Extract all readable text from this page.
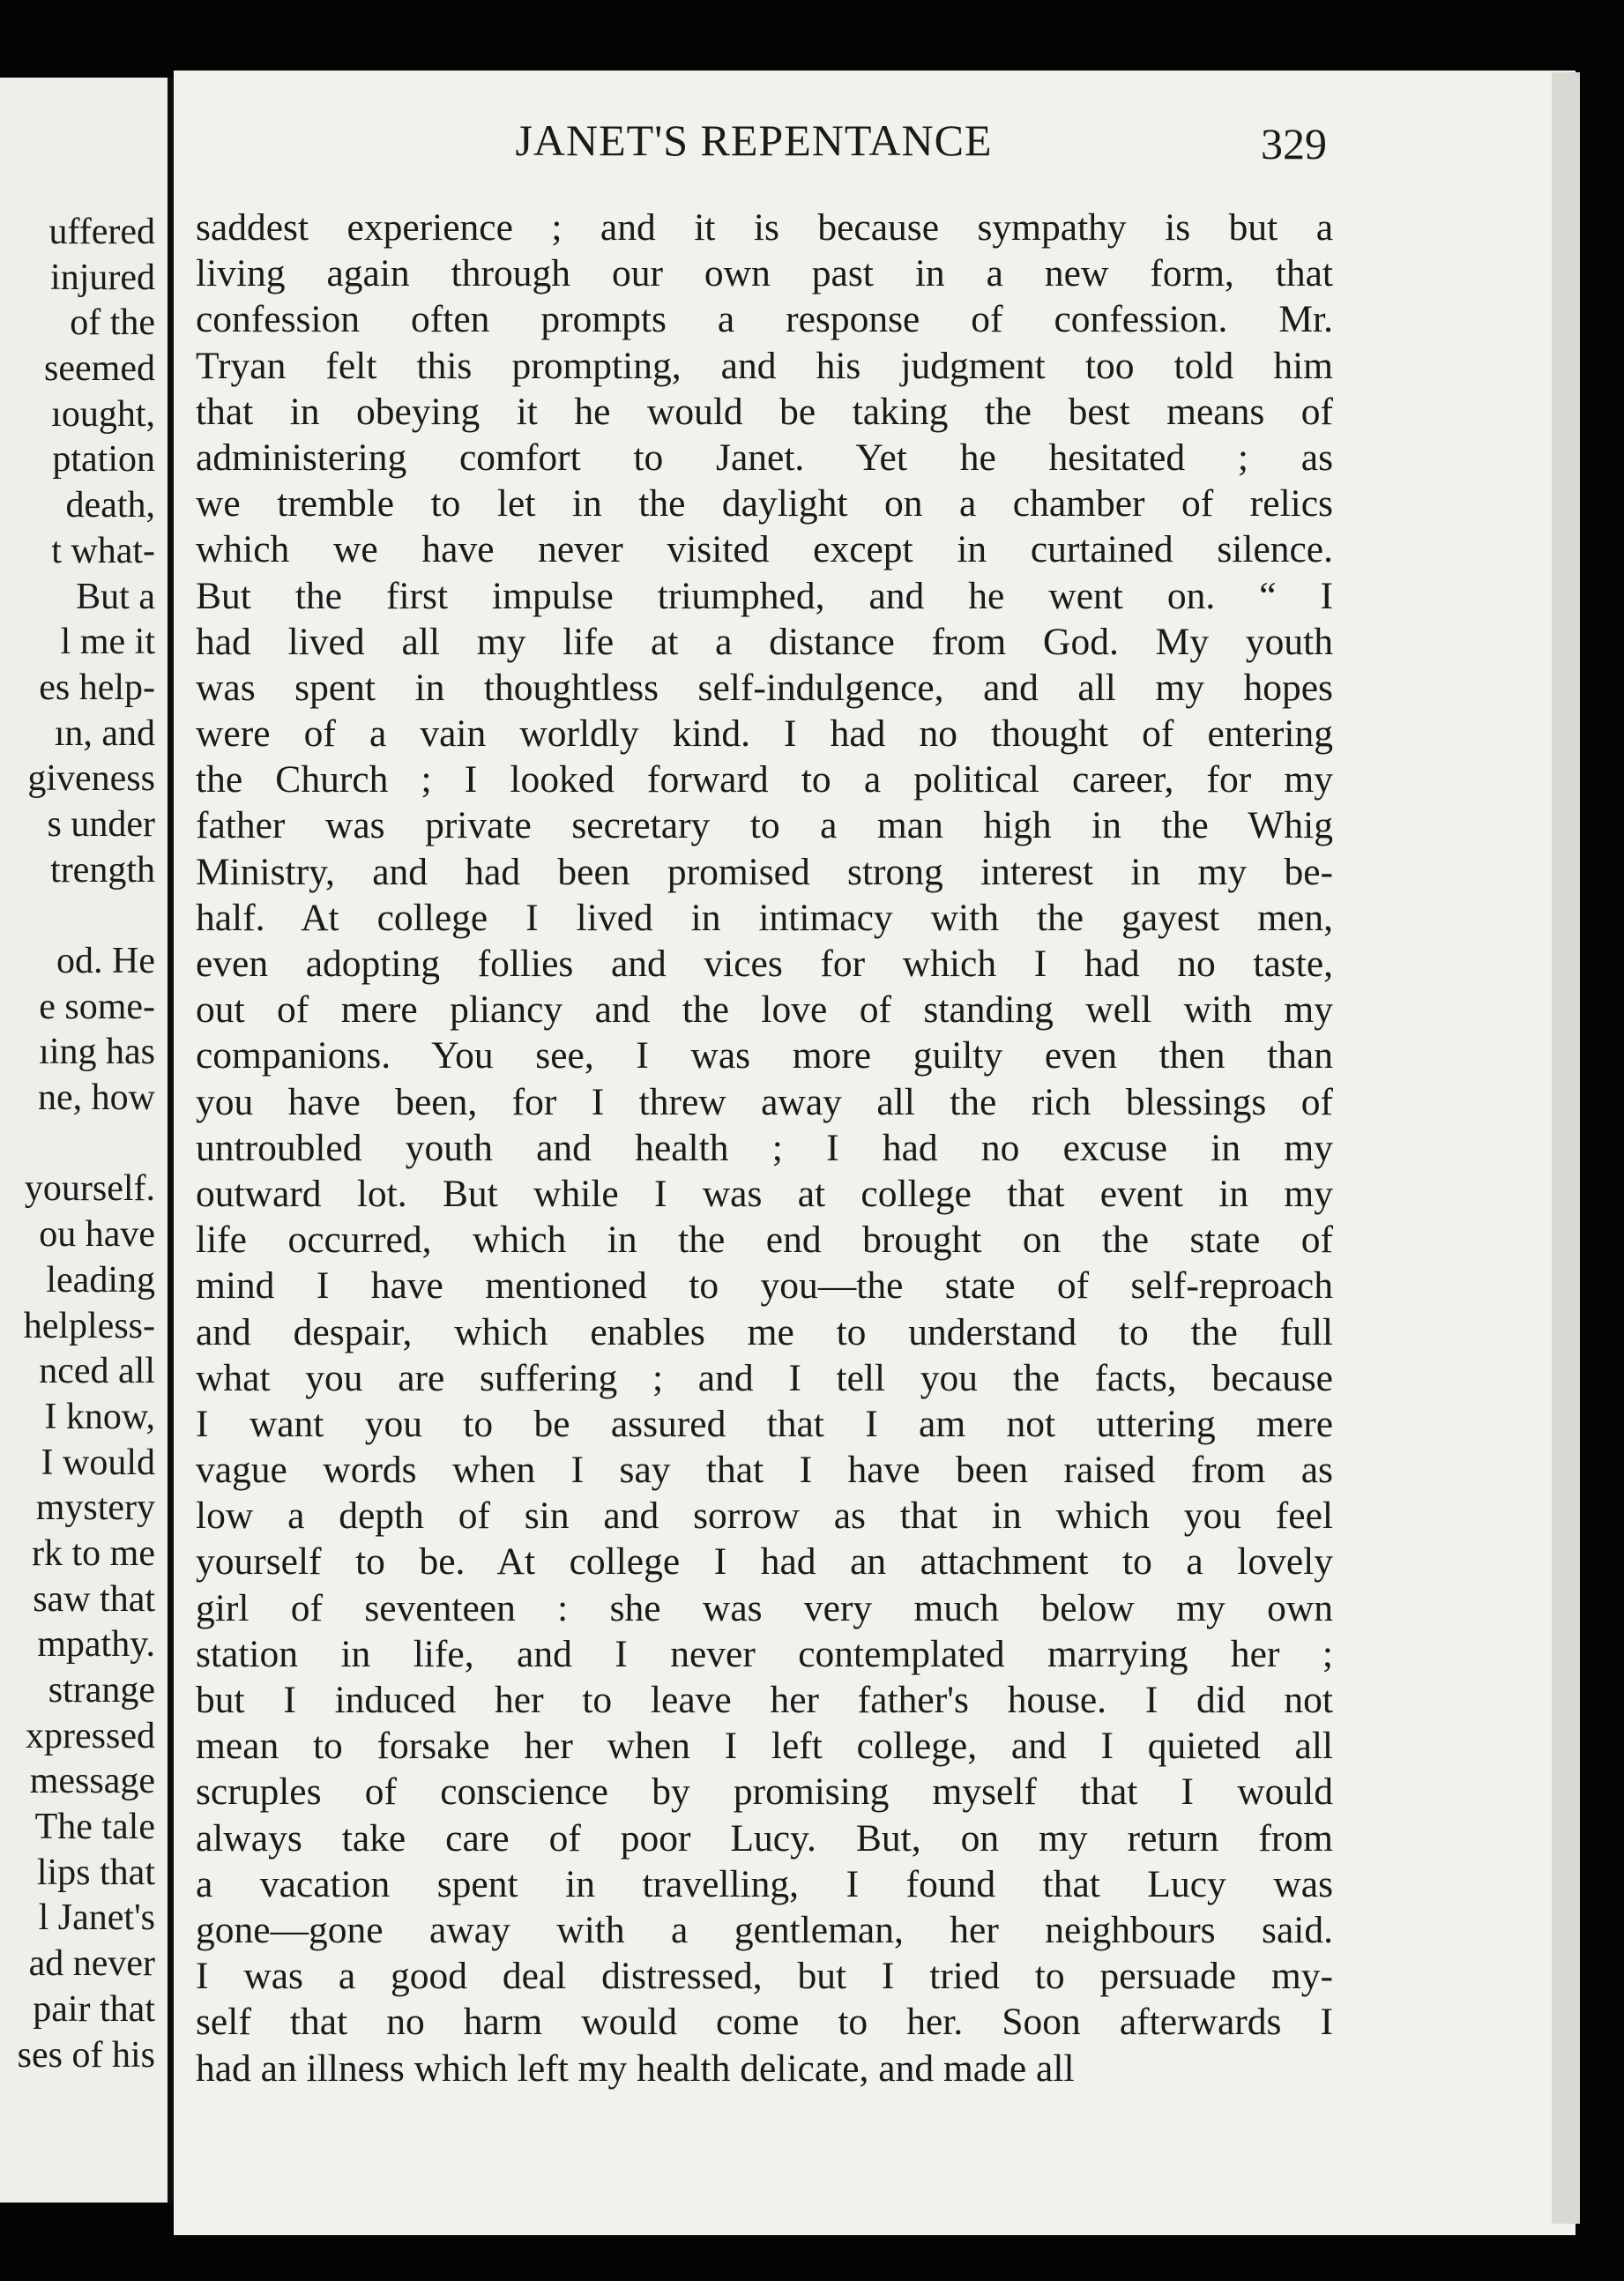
uffered
injured
of the
seemed
ıought,
ptation
death,
t what-
But a
l me it
es help-
ın, and
giveness
s under
trength
od. He
e some-
ıing has
ne, how
yourself.
ou have
leading
helpless-
nced all
I know,
I would
mystery
rk to me
saw that
mpathy.
strange
xpressed
message
The tale
lips that
l Janet's
ad never
pair that
ses of his
JANET'S REPENTANCE	329
saddest experience ; and it is because sympathy is but a
living again through our own past in a new form, that
confession often prompts a response of confession. Mr.
Tryan felt this prompting, and his judgment too told him
that in obeying it he would be taking the best means of
administering comfort to Janet. Yet he hesitated ; as
we tremble to let in the daylight on a chamber of relics
which we have never visited except in curtained silence.
But the first impulse triumphed, and he went on. “ I
had lived all my life at a distance from God. My youth
was spent in thoughtless self-indulgence, and all my hopes
were of a vain worldly kind. I had no thought of entering
the Church ; I looked forward to a political career, for my
father was private secretary to a man high in the Whig
Ministry, and had been promised strong interest in my be-
half. At college I lived in intimacy with the gayest men,
even adopting follies and vices for which I had no taste,
out of mere pliancy and the love of standing well with my
companions. You see, I was more guilty even then than
you have been, for I threw away all the rich blessings of
untroubled youth and health ; I had no excuse in my
outward lot. But while I was at college that event in my
life occurred, which in the end brought on the state of
mind I have mentioned to you—the state of self-reproach
and despair, which enables me to understand to the full
what you are suffering ; and I tell you the facts, because
I want you to be assured that I am not uttering mere
vague words when I say that I have been raised from as
low a depth of sin and sorrow as that in which you feel
yourself to be. At college I had an attachment to a lovely
girl of seventeen : she was very much below my own
station in life, and I never contemplated marrying her ;
but I induced her to leave her father's house. I did not
mean to forsake her when I left college, and I quieted all
scruples of conscience by promising myself that I would
always take care of poor Lucy. But, on my return from
a vacation spent in travelling, I found that Lucy was
gone—gone away with a gentleman, her neighbours said.
I was a good deal distressed, but I tried to persuade my-
self that no harm would come to her. Soon afterwards I
had an illness which left my health delicate, and made all
